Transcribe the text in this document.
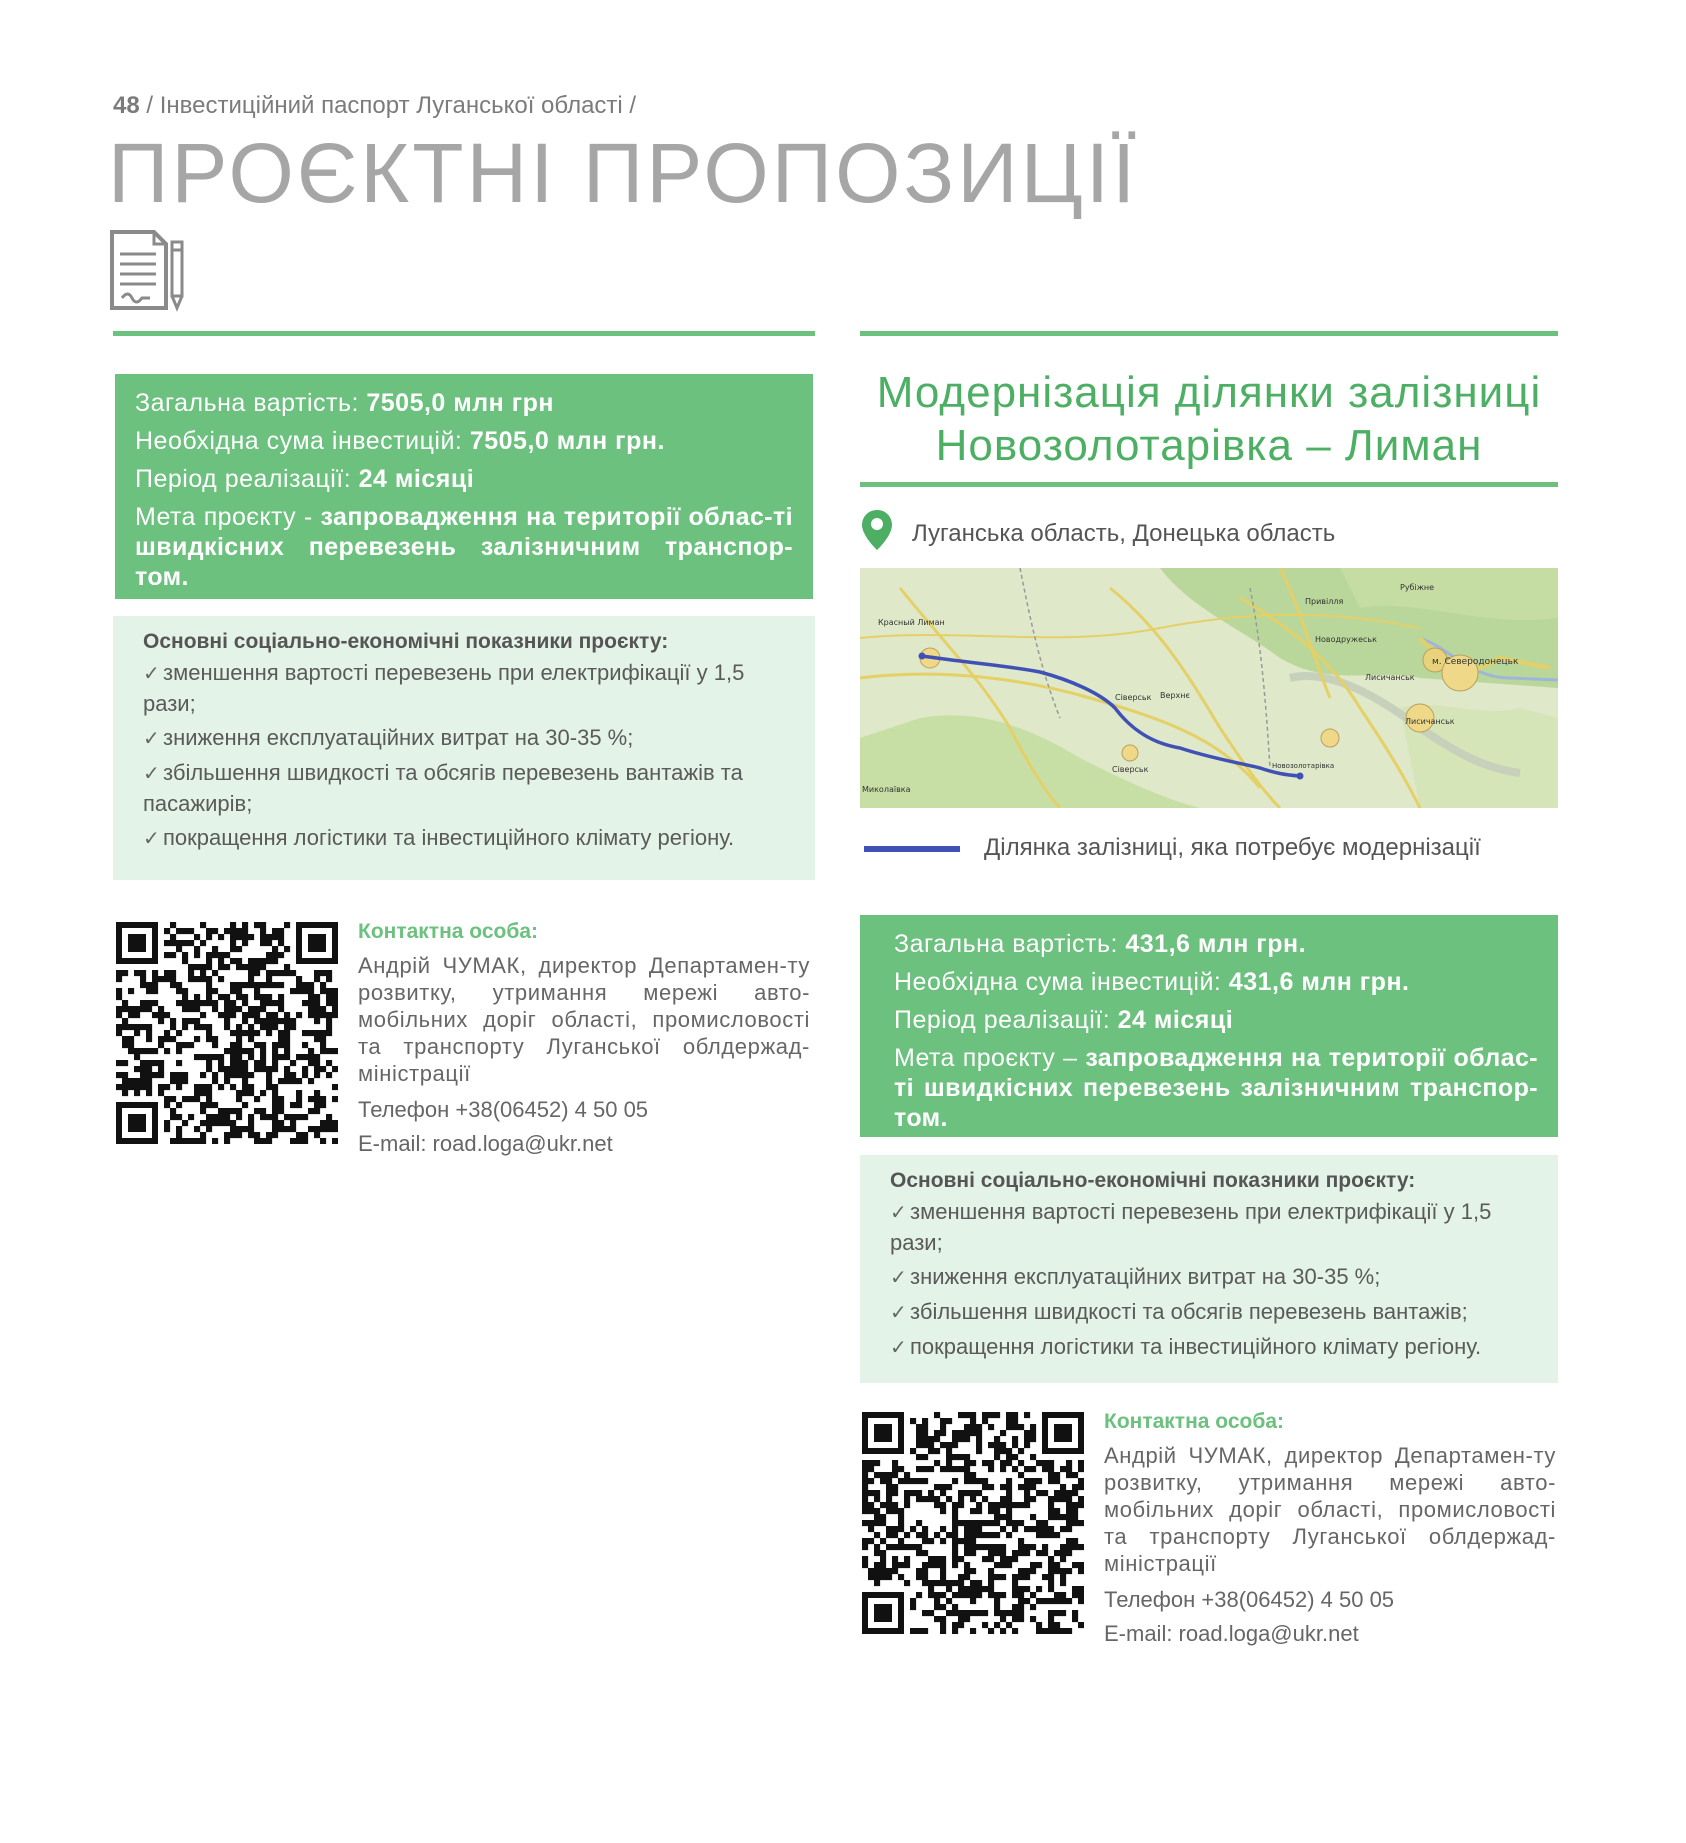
48 / Інвестиційний паспорт Луганської області /
ПРОЄКТНІ ПРОПОЗИЦІЇ
Загальна вартість: 7505,0 млн грн
Необхідна сума інвестицій: 7505,0 млн грн.
Період реалізації: 24 місяці
Мета проєкту - запровадження на території облас-ті швидкісних перевезень залізничним транспор-том.
Основні соціально-економічні показники проєкту:
✓ зменшення вартості перевезень при електрифікації у 1,5 рази;
✓ зниження експлуатаційних витрат на 30-35 %;
✓ збільшення швидкості та обсягів перевезень вантажів та пасажирів;
✓ покращення логістики та інвестиційного клімату регіону.
Контактна особа:
Андрій ЧУМАК, директор Департамен-ту розвитку, утримання мережі авто-мобільних доріг області, промисловості та транспорту Луганської облдержад-міністрації
Телефон +38(06452) 4 50 05
E-mail: road.loga@ukr.net
Модернізація ділянки залізниці
Новозолотарівка – Лиман
Луганська область, Донецька область
Красный Лиман
Привілля
Рубіжне
Новодружеськ
Лисичанськ
м. Северодонецьк
Сіверськ
Лисичанськ
Верхнє
Сіверськ	Новозолотарівка
Миколаївка
Ділянка залізниці, яка потребує модернізації
Загальна вартість: 431,6 млн грн.
Необхідна сума інвестицій: 431,6 млн грн.
Період реалізації: 24 місяці
Мета проєкту – запровадження на території облас-ті швидкісних перевезень залізничним транспор-том.
Основні соціально-економічні показники проєкту:
✓ зменшення вартості перевезень при електрифікації у 1,5 рази;
✓ зниження експлуатаційних витрат на 30-35 %;
✓ збільшення швидкості та обсягів перевезень вантажів;
✓ покращення логістики та інвестиційного клімату регіону.
Контактна особа:
Андрій ЧУМАК, директор Департамен-ту розвитку, утримання мережі авто-мобільних доріг області, промисловості та транспорту Луганської облдержад-міністрації
Телефон +38(06452) 4 50 05
E-mail: road.loga@ukr.net
